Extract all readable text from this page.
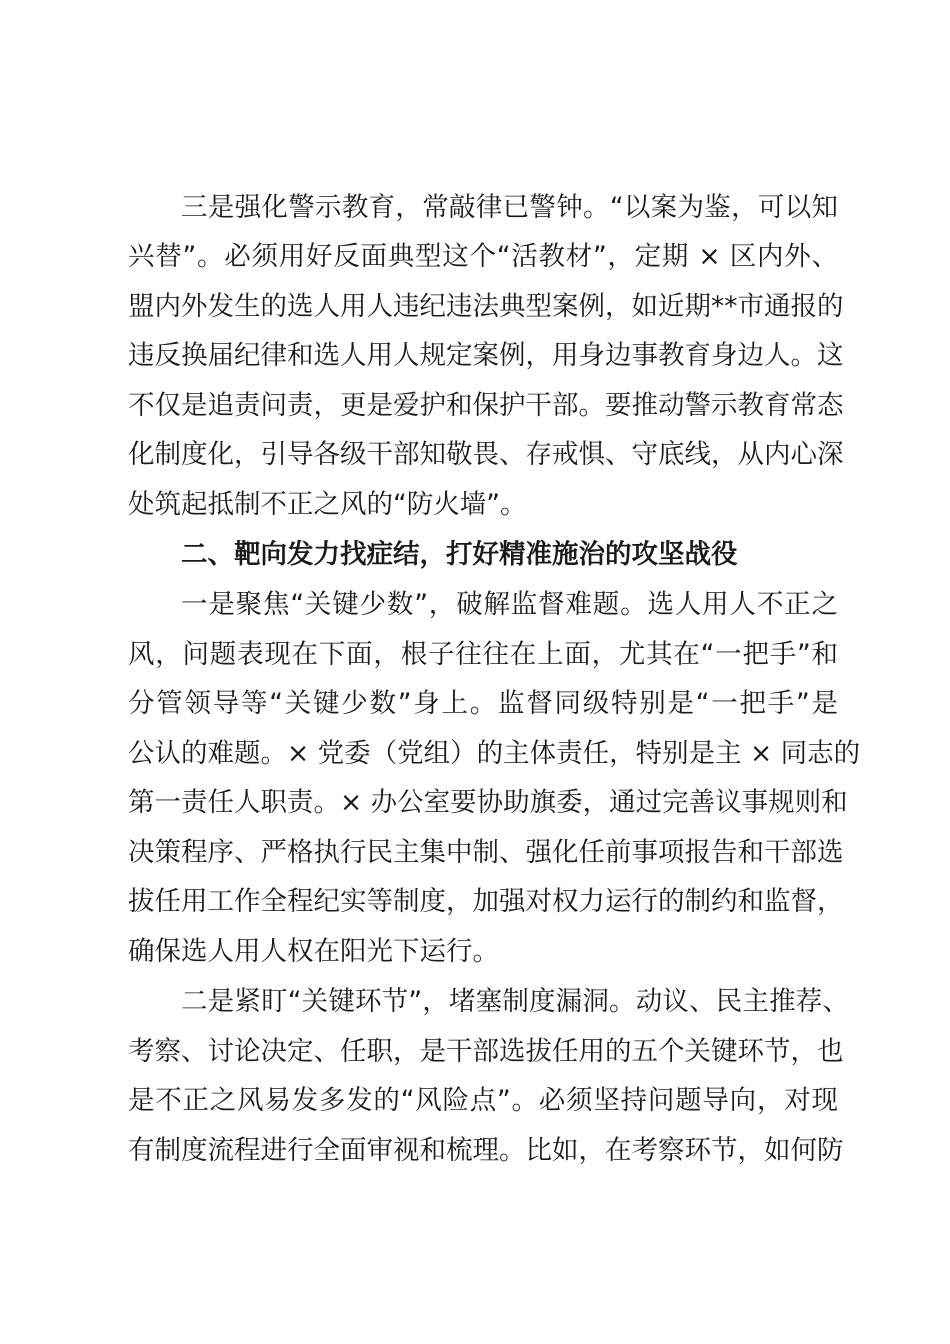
三是强化警示教育，常敲律已警钟。“以案为鉴，可以知
兴替”。必须用好反面典型这个“活教材”，定期 × 区内外、
盟内外发生的选人用人违纪违法典型案例，如近期**市通报的
违反换届纪律和选人用人规定案例，用身边事教育身边人。这
不仅是追责问责，更是爱护和保护干部。要推动警示教育常态
化制度化，引导各级干部知敬畏、存戒惧、守底线，从内心深
处筑起抵制不正之风的“防火墙”。
二、靶向发力找症结，打好精准施治的攻坚战役
一是聚焦“关键少数”，破解监督难题。选人用人不正之
风，问题表现在下面，根子往往在上面，尤其在“一把手”和
分管领导等“关键少数”身上。监督同级特别是“一把手”是
公认的难题。× 党委（党组）的主体责任，特别是主 × 同志的
第一责任人职责。× 办公室要协助旗委，通过完善议事规则和
决策程序、严格执行民主集中制、强化任前事项报告和干部选
拔任用工作全程纪实等制度，加强对权力运行的制约和监督，
确保选人用人权在阳光下运行。
二是紧盯“关键环节”，堵塞制度漏洞。动议、民主推荐、
考察、讨论决定、任职，是干部选拔任用的五个关键环节，也
是不正之风易发多发的“风险点”。必须坚持问题导向，对现
有制度流程进行全面审视和梳理。比如，在考察环节，如何防
